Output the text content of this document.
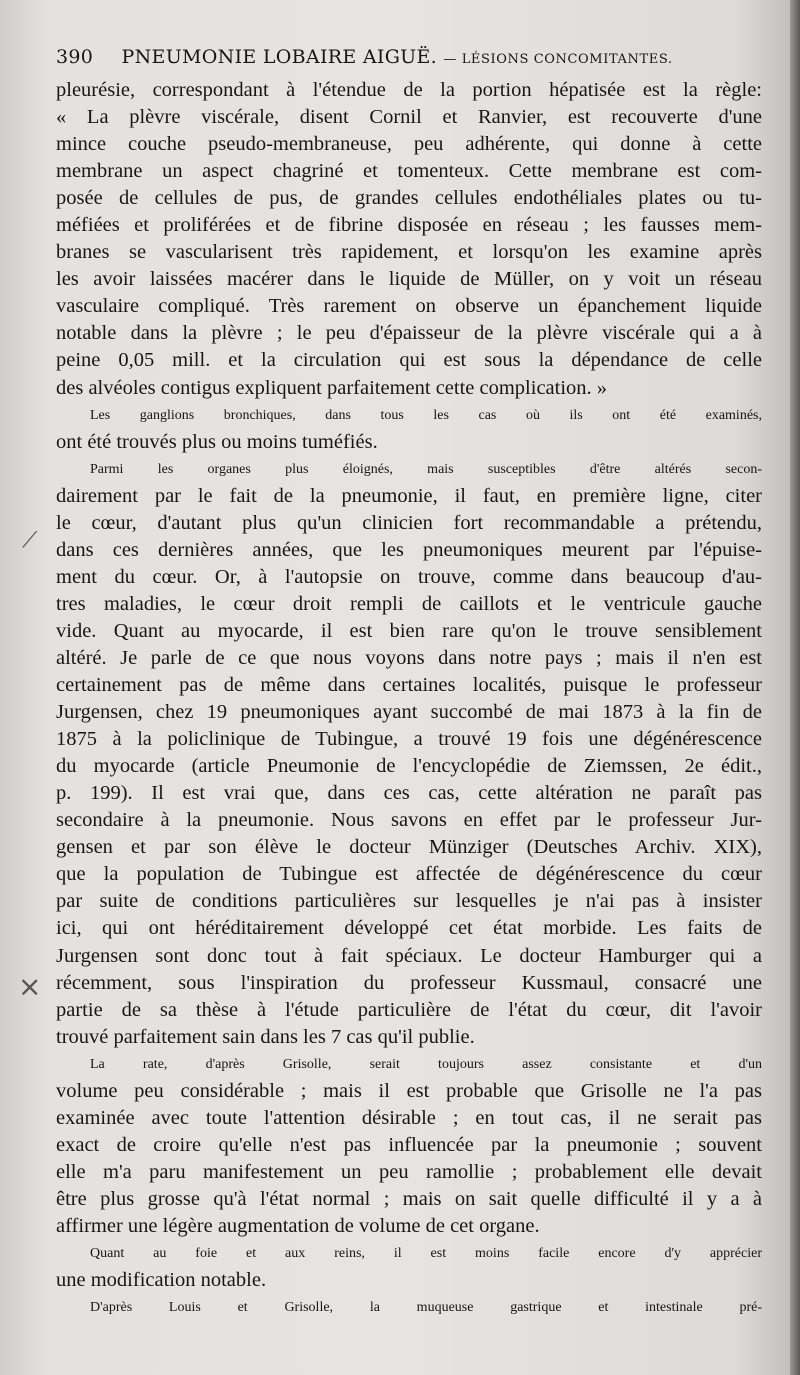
390 PNEUMONIE LOBAIRE AIGUË. — LÉSIONS CONCOMITANTES.
pleurésie, correspondant à l'étendue de la portion hépatisée est la règle:
« La plèvre viscérale, disent Cornil et Ranvier, est recouverte d'une
mince couche pseudo-membraneuse, peu adhérente, qui donne à cette
membrane un aspect chagriné et tomenteux. Cette membrane est com-
posée de cellules de pus, de grandes cellules endothéliales plates ou tu-
méfiées et proliférées et de fibrine disposée en réseau ; les fausses mem-
branes se vascularisent très rapidement, et lorsqu'on les examine après
les avoir laissées macérer dans le liquide de Müller, on y voit un réseau
vasculaire compliqué. Très rarement on observe un épanchement liquide
notable dans la plèvre ; le peu d'épaisseur de la plèvre viscérale qui a à
peine 0,05 mill. et la circulation qui est sous la dépendance de celle
des alvéoles contigus expliquent parfaitement cette complication. »
Les ganglions bronchiques, dans tous les cas où ils ont été examinés,
ont été trouvés plus ou moins tuméfiés.
Parmi les organes plus éloignés, mais susceptibles d'être altérés secon-
dairement par le fait de la pneumonie, il faut, en première ligne, citer
le cœur, d'autant plus qu'un clinicien fort recommandable a prétendu,
dans ces dernières années, que les pneumoniques meurent par l'épuise-
ment du cœur. Or, à l'autopsie on trouve, comme dans beaucoup d'au-
tres maladies, le cœur droit rempli de caillots et le ventricule gauche
vide. Quant au myocarde, il est bien rare qu'on le trouve sensiblement
altéré. Je parle de ce que nous voyons dans notre pays ; mais il n'en est
certainement pas de même dans certaines localités, puisque le professeur
Jurgensen, chez 19 pneumoniques ayant succombé de mai 1873 à la fin de
1875 à la policlinique de Tubingue, a trouvé 19 fois une dégénérescence
du myocarde (article Pneumonie de l'encyclopédie de Ziemssen, 2e édit.,
p. 199). Il est vrai que, dans ces cas, cette altération ne paraît pas
secondaire à la pneumonie. Nous savons en effet par le professeur Jur-
gensen et par son élève le docteur Münziger (Deutsches Archiv. XIX),
que la population de Tubingue est affectée de dégénérescence du cœur
par suite de conditions particulières sur lesquelles je n'ai pas à insister
ici, qui ont héréditairement développé cet état morbide. Les faits de
Jurgensen sont donc tout à fait spéciaux. Le docteur Hamburger qui a
récemment, sous l'inspiration du professeur Kussmaul, consacré une
partie de sa thèse à l'étude particulière de l'état du cœur, dit l'avoir
trouvé parfaitement sain dans les 7 cas qu'il publie.
La rate, d'après Grisolle, serait toujours assez consistante et d'un
volume peu considérable ; mais il est probable que Grisolle ne l'a pas
examinée avec toute l'attention désirable ; en tout cas, il ne serait pas
exact de croire qu'elle n'est pas influencée par la pneumonie ; souvent
elle m'a paru manifestement un peu ramollie ; probablement elle devait
être plus grosse qu'à l'état normal ; mais on sait quelle difficulté il y a à
affirmer une légère augmentation de volume de cet organe.
Quant au foie et aux reins, il est moins facile encore d'y apprécier
une modification notable.
D'après Louis et Grisolle, la muqueuse gastrique et intestinale pré-
⟋
⨯
